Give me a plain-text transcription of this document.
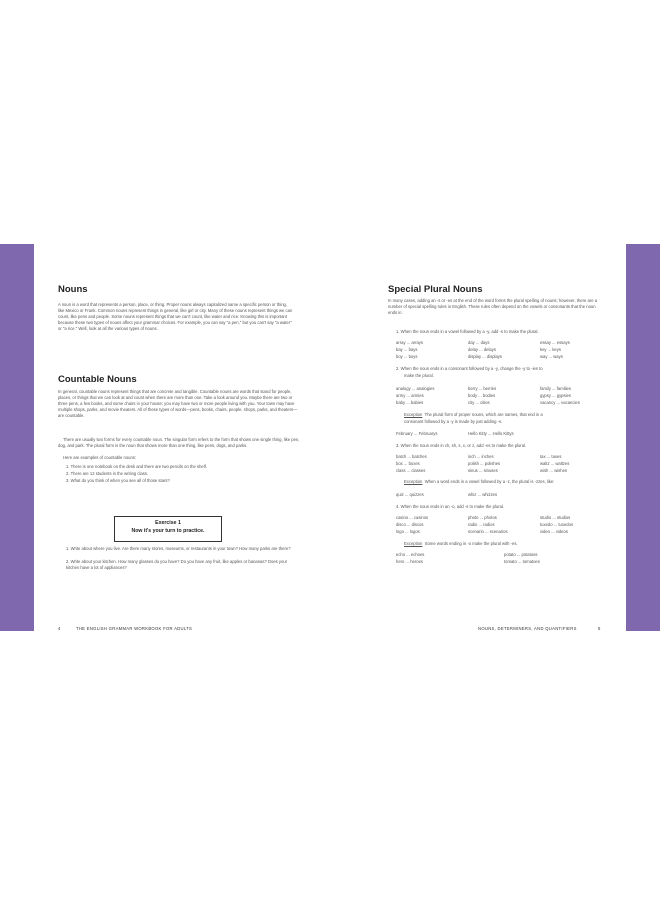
Nouns

A noun is a word that represents a person, place, or thing. Proper nouns always capitalized name a specific person or thing, like Mexico or Frank. Common nouns represent things in general, like girl or city. Many of these nouns represent things we can count, like pens and people. Some nouns represent things that we can't count, like water and rice. Knowing this is important because these two types of nouns affect your grammar choices. For example, you can say "a pen," but you can't say "a water" or "a rice." Well, look at all the various types of nouns.

Countable Nouns

In general, countable nouns represent things that are concrete and tangible. Countable nouns are words that stand for people, places, or things that we can look at and count when there are more than one. Take a look around you. Maybe there are two or three pens, a few books, and some chairs in your house; you may have two or more people living with you. Your town may have multiple shops, parks, and movie theaters. All of these types of words—pens, books, chairs, people, shops, parks, and theaters—are countable.

There are usually two forms for every countable noun. The singular form refers to the form that shows one single thing, like pen, dog, and park. The plural form is the noun that shows more than one thing, like pens, dogs, and parks.

Here are examples of countable nouns:

1. There is one notebook on the desk and there are two pencils on the shelf.

2. There are 12 students in the writing class.

3. What do you think of when you see all of those stars?

Exercise 1
Now it's your turn to practice.

1. Write about where you live. Are there many stores, museums, or restaurants in your town? How many parks are there?

2. Write about your kitchen. How many glasses do you have? Do you have any fruit, like apples or bananas? Does your kitchen have a lot of appliances?

4	THE ENGLISH GRAMMAR WORKBOOK FOR ADULTS
Special Plural Nouns

In many cases, adding an -s or -es at the end of the word forms the plural spelling of nouns; however, there are a number of special spelling rules in English. These rules often depend on the vowels or consonants that the noun ends in.

1. When the noun ends in a vowel followed by a -y, add -s to make the plural.

array ... arrays	day ... days	essay ... essays
bay ... bays	delay ... delays	key ... keys
boy ... boys	display ... displays	way ... ways

2. When the noun ends in a consonant followed by a -y, change the -y to -ies to

make the plural.

analogy ... analogies	berry ... berries	family ... families
army ... armies	body ... bodies	gypsy ... gypsies
baby ... babies	city ... cities	vacancy ... vacancies

Exception The plural form of proper nouns, which are names, that end in a

consonant followed by a -y is made by just adding -s.

February ... Februarys	Hello Kitty ... Hello Kittys

3. When the noun ends in ch, sh, s, x, or z, add -es to make the plural.

batch ... batches	inch ... inches	tax ... taxes
box ... boxes	polish ... polishes	waltz ... waltzes
class ... classes	sinus ... sinuses	wish ... wishes

Exception When a word ends in a vowel followed by a -z, the plural is -zzes, like:

quiz ... quizzes	whiz ... whizzes

4. When the noun ends in an -o, add -s to make the plural.

casino ... casinos	photo ... photos	studio ... studios
disco ... discos	radio ... radios	tuxedo ... tuxedos
logo ... logos	scenario ... scenarios	video ... videos

Exception Some words ending in -o make the plural with -es.

echo ... echoes	potato ... potatoes
hero ... heroes	tomato ... tomatoes
NOUNS, DETERMINERS, AND QUANTIFIERS	5
